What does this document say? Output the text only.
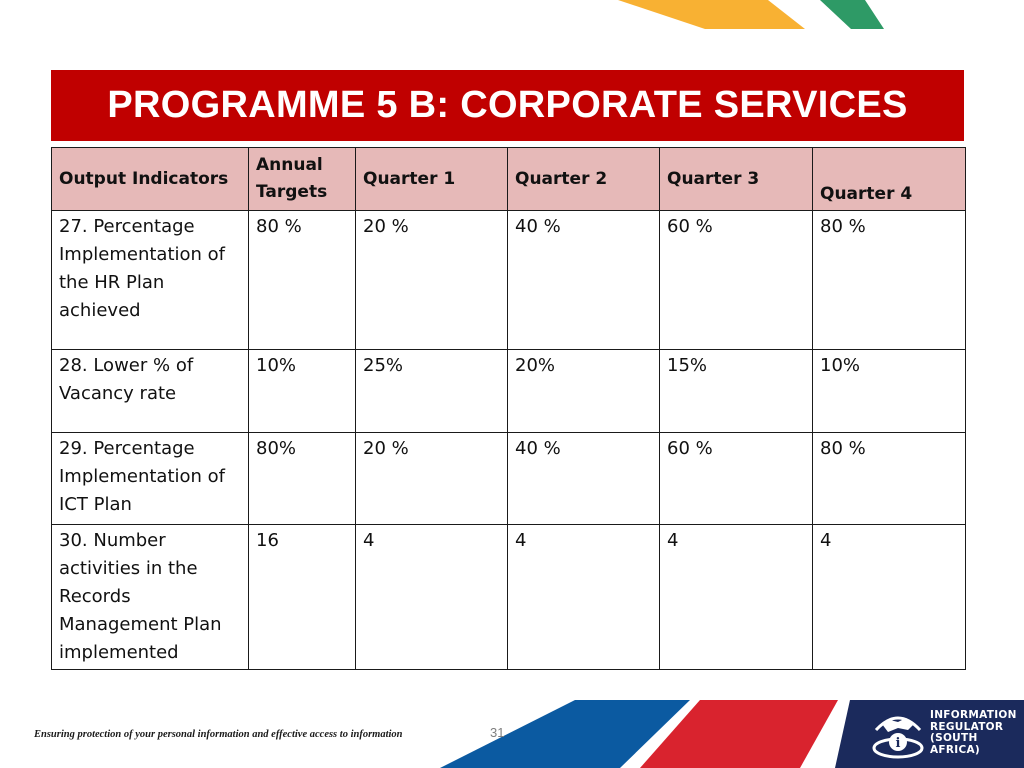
PROGRAMME 5 B: CORPORATE SERVICES
Output Indicators	Annual Targets	Quarter 1	Quarter 2	Quarter 3	Quarter 4
27. Percentage Implementation of the HR Plan achieved	80 %	20 %	40 %	60 %	80 %
28. Lower % of Vacancy rate	10%	25%	20%	15%	10%
29. Percentage Implementation of ICT Plan	80%	20 %	40 %	60 %	80 %
30. Number activities in the Records Management Plan implemented	16	4	4	4	4
Ensuring protection of your personal information and effective access to information	31
i
INFORMATION
REGULATOR
(SOUTH AFRICA)
